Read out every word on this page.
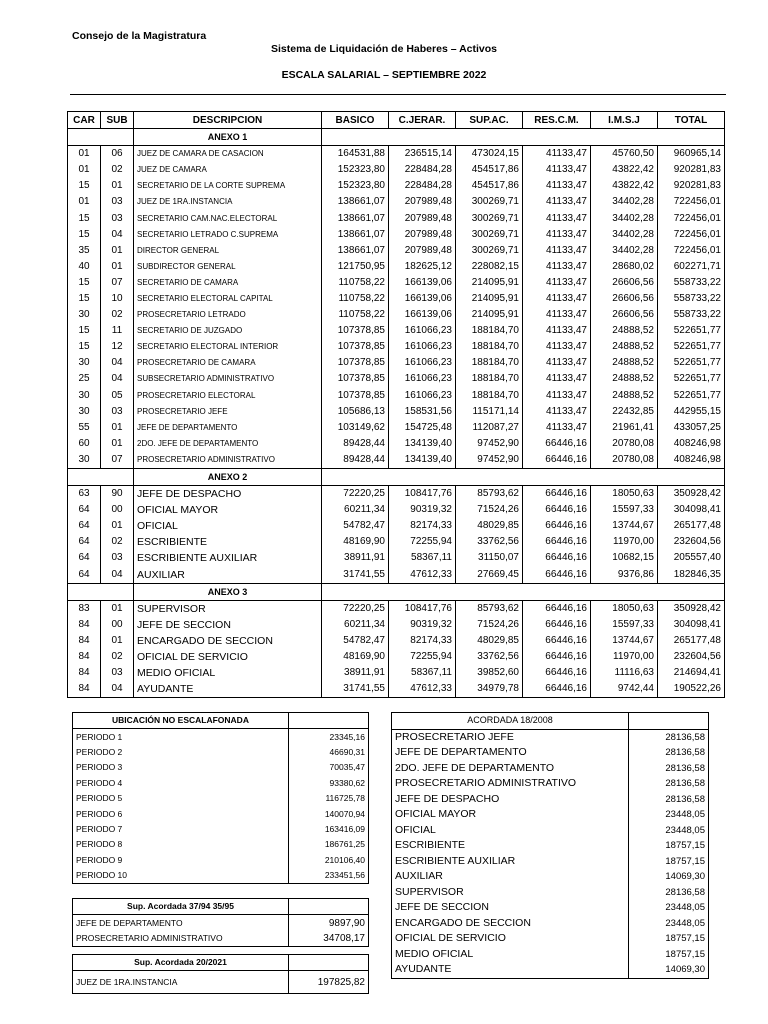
Consejo de la Magistratura
Sistema de Liquidación de Haberes – Activos
ESCALA SALARIAL – SEPTIEMBRE 2022
CAR	SUB	DESCRIPCION	BASICO	C.JERAR.	SUP.AC.	RES.C.M.	I.M.S.J	TOTAL
		ANEXO 1						
01	06	JUEZ DE CAMARA DE CASACION	164531,88	236515,14	473024,15	41133,47	45760,50	960965,14
01	02	JUEZ DE CAMARA	152323,80	228484,28	454517,86	41133,47	43822,42	920281,83
15	01	SECRETARIO DE LA CORTE SUPREMA	152323,80	228484,28	454517,86	41133,47	43822,42	920281,83
01	03	JUEZ DE 1RA.INSTANCIA	138661,07	207989,48	300269,71	41133,47	34402,28	722456,01
15	03	SECRETARIO CAM.NAC.ELECTORAL	138661,07	207989,48	300269,71	41133,47	34402,28	722456,01
15	04	SECRETARIO LETRADO C.SUPREMA	138661,07	207989,48	300269,71	41133,47	34402,28	722456,01
35	01	DIRECTOR GENERAL	138661,07	207989,48	300269,71	41133,47	34402,28	722456,01
40	01	SUBDIRECTOR GENERAL	121750,95	182625,12	228082,15	41133,47	28680,02	602271,71
15	07	SECRETARIO DE CAMARA	110758,22	166139,06	214095,91	41133,47	26606,56	558733,22
15	10	SECRETARIO ELECTORAL CAPITAL	110758,22	166139,06	214095,91	41133,47	26606,56	558733,22
30	02	PROSECRETARIO LETRADO	110758,22	166139,06	214095,91	41133,47	26606,56	558733,22
15	11	SECRETARIO DE JUZGADO	107378,85	161066,23	188184,70	41133,47	24888,52	522651,77
15	12	SECRETARIO ELECTORAL INTERIOR	107378,85	161066,23	188184,70	41133,47	24888,52	522651,77
30	04	PROSECRETARIO DE CAMARA	107378,85	161066,23	188184,70	41133,47	24888,52	522651,77
25	04	SUBSECRETARIO ADMINISTRATIVO	107378,85	161066,23	188184,70	41133,47	24888,52	522651,77
30	05	PROSECRETARIO ELECTORAL	107378,85	161066,23	188184,70	41133,47	24888,52	522651,77
30	03	PROSECRETARIO JEFE	105686,13	158531,56	115171,14	41133,47	22432,85	442955,15
55	01	JEFE DE DEPARTAMENTO	103149,62	154725,48	112087,27	41133,47	21961,41	433057,25
60	01	2DO. JEFE DE DEPARTAMENTO	89428,44	134139,40	97452,90	66446,16	20780,08	408246,98
30	07	PROSECRETARIO ADMINISTRATIVO	89428,44	134139,40	97452,90	66446,16	20780,08	408246,98
		ANEXO 2						
63	90	JEFE DE DESPACHO	72220,25	108417,76	85793,62	66446,16	18050,63	350928,42
64	00	OFICIAL MAYOR	60211,34	90319,32	71524,26	66446,16	15597,33	304098,41
64	01	OFICIAL	54782,47	82174,33	48029,85	66446,16	13744,67	265177,48
64	02	ESCRIBIENTE	48169,90	72255,94	33762,56	66446,16	11970,00	232604,56
64	03	ESCRIBIENTE AUXILIAR	38911,91	58367,11	31150,07	66446,16	10682,15	205557,40
64	04	AUXILIAR	31741,55	47612,33	27669,45	66446,16	9376,86	182846,35
		ANEXO 3						
83	01	SUPERVISOR	72220,25	108417,76	85793,62	66446,16	18050,63	350928,42
84	00	JEFE DE SECCION	60211,34	90319,32	71524,26	66446,16	15597,33	304098,41
84	01	ENCARGADO DE SECCION	54782,47	82174,33	48029,85	66446,16	13744,67	265177,48
84	02	OFICIAL DE SERVICIO	48169,90	72255,94	33762,56	66446,16	11970,00	232604,56
84	03	MEDIO OFICIAL	38911,91	58367,11	39852,60	66446,16	11116,63	214694,41
84	04	AYUDANTE	31741,55	47612,33	34979,78	66446,16	9742,44	190522,26
UBICACIÓN NO ESCALAFONADA	
PERIODO 1	23345,16
PERIODO 2	46690,31
PERIODO 3	70035,47
PERIODO 4	93380,62
PERIODO 5	116725,78
PERIODO 6	140070,94
PERIODO 7	163416,09
PERIODO 8	186761,25
PERIODO 9	210106,40
PERIODO 10	233451,56
ACORDADA 18/2008	
PROSECRETARIO JEFE	28136,58
JEFE DE DEPARTAMENTO	28136,58
2DO. JEFE DE DEPARTAMENTO	28136,58
PROSECRETARIO ADMINISTRATIVO	28136,58
JEFE DE DESPACHO	28136,58
OFICIAL MAYOR	23448,05
OFICIAL	23448,05
ESCRIBIENTE	18757,15
ESCRIBIENTE AUXILIAR	18757,15
AUXILIAR	14069,30
SUPERVISOR	28136,58
JEFE DE SECCION	23448,05
ENCARGADO DE SECCION	23448,05
OFICIAL DE SERVICIO	18757,15
MEDIO OFICIAL	18757,15
AYUDANTE	14069,30
Sup. Acordada 37/94 35/95	
JEFE DE DEPARTAMENTO	9897,90
PROSECRETARIO ADMINISTRATIVO	34708,17
Sup. Acordada 20/2021	
JUEZ DE 1RA.INSTANCIA	197825,82
